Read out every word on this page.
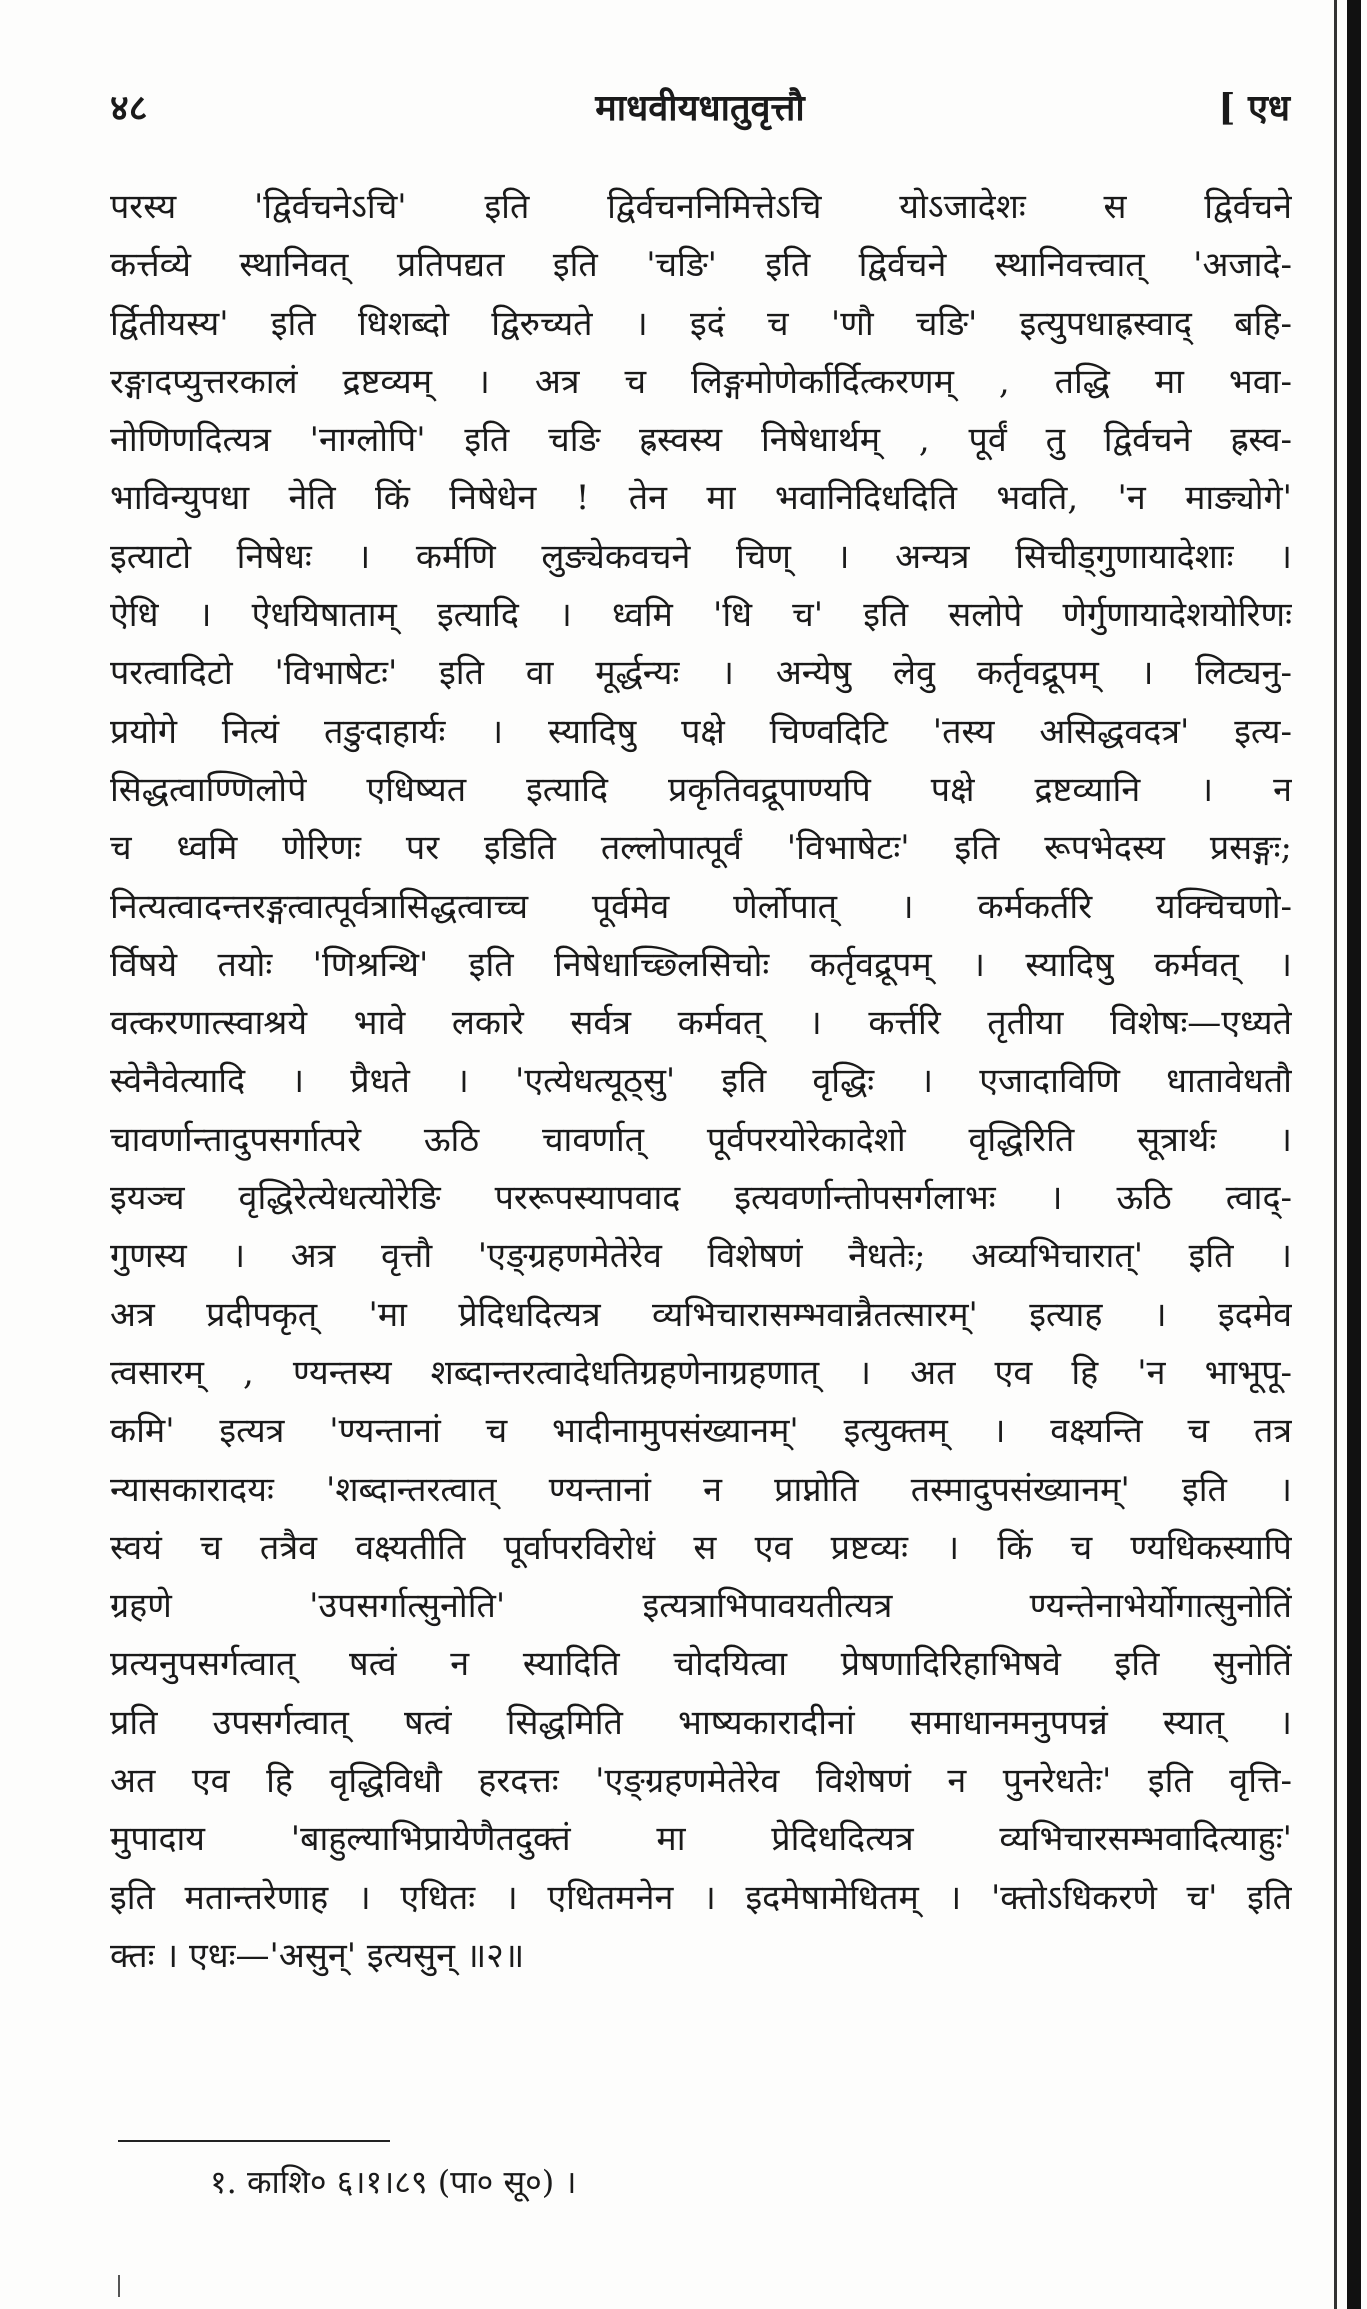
४८	माधवीयधातुवृत्तौ	[ एध
परस्य 'द्विर्वचनेऽचि' इति द्विर्वचननिमित्तेऽचि योऽजादेशः स द्विर्वचने
कर्त्तव्ये स्थानिवत् प्रतिपद्यत इति 'चङि' इति द्विर्वचने स्थानिवत्त्वात् 'अजादे-
र्द्वितीयस्य' इति धिशब्दो द्विरुच्यते । इदं च 'णौ चङि' इत्युपधाह्रस्वाद् बहि-
रङ्गादप्युत्तरकालं द्रष्टव्यम् । अत्र च लिङ्गमोणेर्कार्दित्करणम् , तद्धि मा भवा-
नोणिणदित्यत्र 'नाग्लोपि' इति चङि ह्रस्वस्य निषेधार्थम् , पूर्वं तु द्विर्वचने ह्रस्व-
भाविन्युपधा नेति किं निषेधेन ! तेन मा भवानिदिधदिति भवति, 'न माङ्योगे'
इत्याटो निषेधः । कर्मणि लुङ्येकवचने चिण् । अन्यत्र सिचीड्गुणायादेशाः ।
ऐधि । ऐधयिषाताम् इत्यादि । ध्वमि 'धि च' इति सलोपे णेर्गुणायादेशयोरिणः
परत्वादिटो 'विभाषेटः' इति वा मूर्द्धन्यः । अन्येषु लेवु कर्तृवद्रूपम् । लिट्यनु-
प्रयोगे नित्यं तङुदाहार्यः । स्यादिषु पक्षे चिण्वदिटि 'तस्य असिद्धवदत्र' इत्य-
सिद्धत्वाण्णिलोपे एधिष्यत इत्यादि प्रकृतिवद्रूपाण्यपि पक्षे द्रष्टव्यानि । न
च ध्वमि णेरिणः पर इडिति तल्लोपात्पूर्वं 'विभाषेटः' इति रूपभेदस्य प्रसङ्गः;
नित्यत्वादन्तरङ्गत्वात्पूर्वत्रासिद्धत्वाच्च पूर्वमेव णेर्लोपात् । कर्मकर्तरि यक्चिचणो-
र्विषये तयोः 'णिश्रन्थि' इति निषेधाच्छ्लिसिचोः कर्तृवद्रूपम् । स्यादिषु कर्मवत् ।
वत्करणात्स्वाश्रये भावे लकारे सर्वत्र कर्मवत् । कर्त्तरि तृतीया विशेषः—एध्यते
स्वेनैवेत्यादि । प्रैधते । 'एत्येधत्यूठ्सु' इति वृद्धिः । एजादाविणि धातावेधतौ
चावर्णान्तादुपसर्गात्परे ऊठि चावर्णात् पूर्वपरयोरेकादेशो वृद्धिरिति सूत्रार्थः ।
इयञ्च वृद्धिरेत्येधत्योरेङि पररूपस्यापवाद इत्यवर्णान्तोपसर्गलाभः । ऊठि त्वाद्-
गुणस्य । अत्र वृत्तौ 'एङ्ग्रहणमेतेरेव विशेषणं नैधतेः; अव्यभिचारात्' इति ।
अत्र प्रदीपकृत् 'मा प्रेदिधदित्यत्र व्यभिचारासम्भवान्नैतत्सारम्' इत्याह । इदमेव
त्वसारम् , ण्यन्तस्य शब्दान्तरत्वादेधतिग्रहणेनाग्रहणात् । अत एव हि 'न भाभूपू-
कमि' इत्यत्र 'ण्यन्तानां च भादीनामुपसंख्यानम्' इत्युक्तम् । वक्ष्यन्ति च तत्र
न्यासकारादयः 'शब्दान्तरत्वात् ण्यन्तानां न प्राप्नोति तस्मादुपसंख्यानम्' इति ।
स्वयं च तत्रैव वक्ष्यतीति पूर्वापरविरोधं स एव प्रष्टव्यः । किं च ण्यधिकस्यापि
ग्रहणे 'उपसर्गात्सुनोति' इत्यत्राभिपावयतीत्यत्र ण्यन्तेनाभेर्योगात्सुनोतिं
प्रत्यनुपसर्गत्वात् षत्वं न स्यादिति चोदयित्वा प्रेषणादिरिहाभिषवे इति सुनोतिं
प्रति उपसर्गत्वात् षत्वं सिद्धमिति भाष्यकारादीनां समाधानमनुपपन्नं स्यात् ।
अत एव हि वृद्धिविधौ हरदत्तः 'एङ्ग्रहणमेतेरेव विशेषणं न पुनरेधतेः' इति वृत्ति-
मुपादाय 'बाहुल्याभिप्रायेणैतदुक्तं मा प्रेदिधदित्यत्र व्यभिचारसम्भवादित्याहुः'
इति मतान्तरेणाह । एधितः । एधितमनेन । इदमेषामेधितम् । 'क्तोऽधिकरणे च' इति
क्तः । एधः—'असुन्' इत्यसुन् ॥२॥
१. काशि० ६।१।८९ (पा० सू०) ।
